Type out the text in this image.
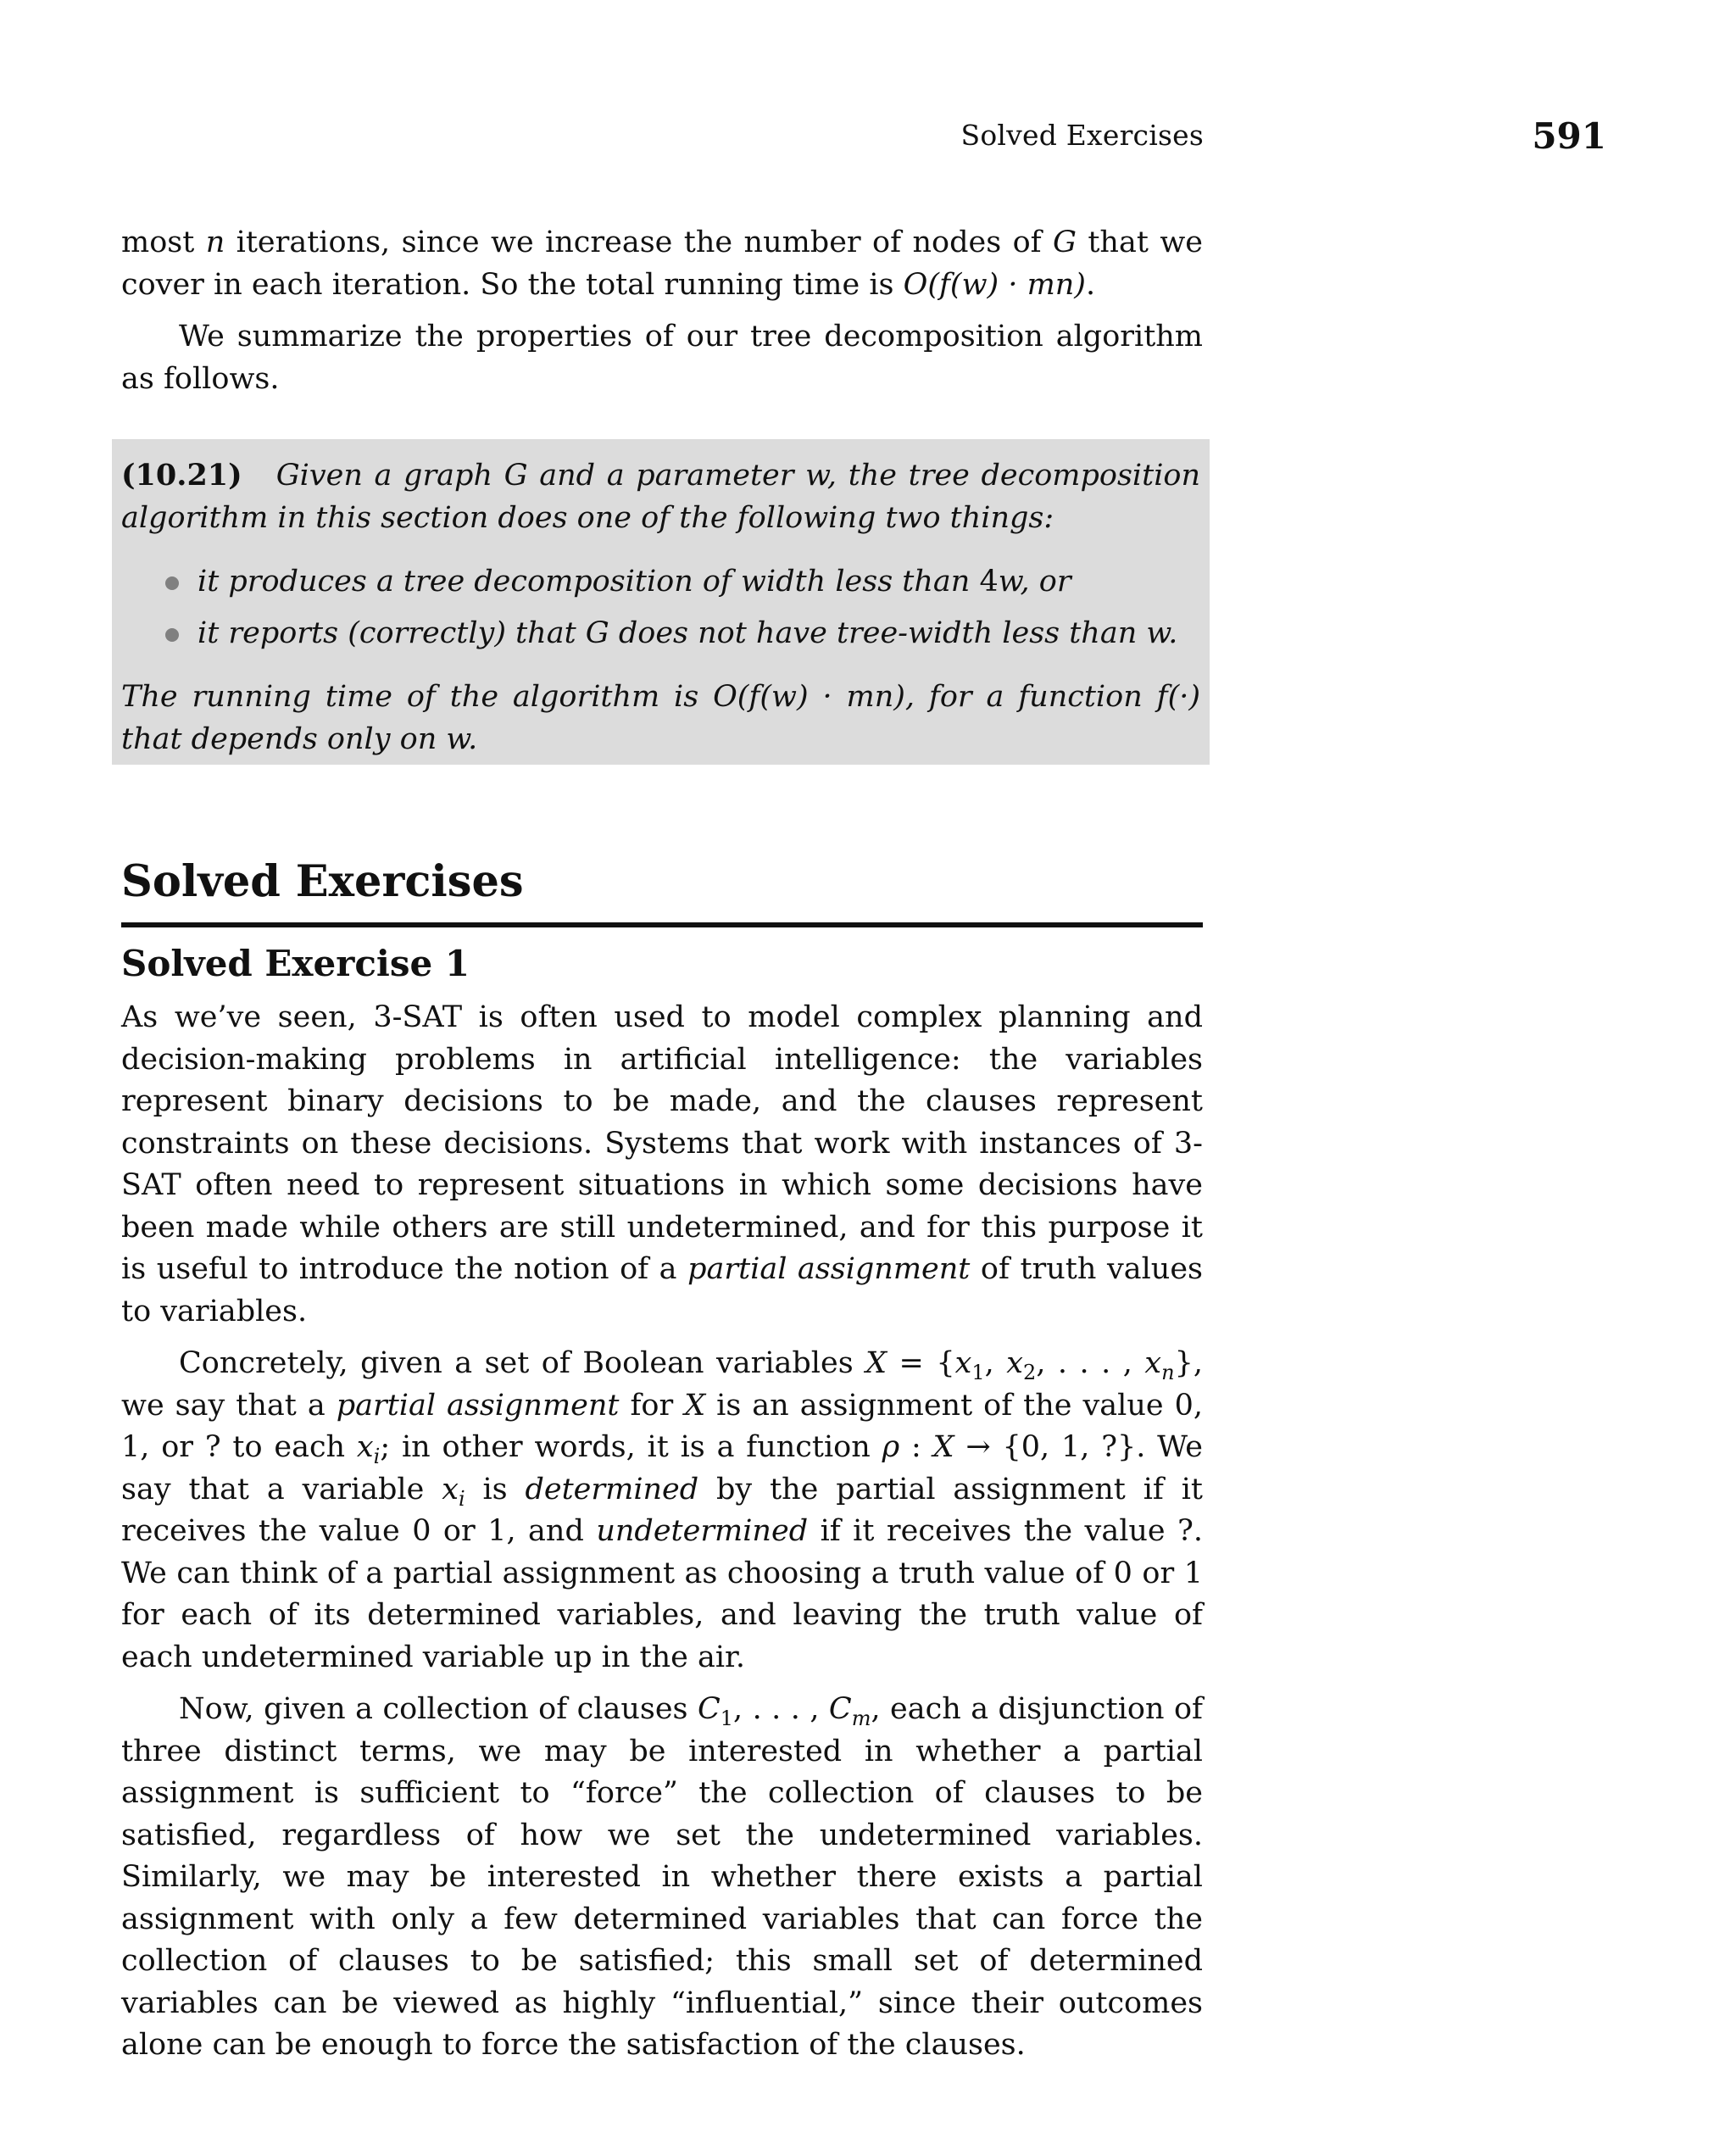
Solved Exercises	591

most n iterations, since we increase the number of nodes of G that we cover in each iteration. So the total running time is O(f(w) · mn).

We summarize the properties of our tree decomposition algorithm as follows.

(10.21) Given a graph G and a parameter w, the tree decomposition algorithm in this section does one of the following two things:

it produces a tree decomposition of width less than 4w, or
it reports (correctly) that G does not have tree-width less than w.

The running time of the algorithm is O(f(w) · mn), for a function f(·) that depends only on w.

Solved Exercises
Solved Exercise 1

As we’ve seen, 3-SAT is often used to model complex planning and decision-making problems in artificial intelligence: the variables represent binary decisions to be made, and the clauses represent constraints on these decisions. Systems that work with instances of 3-SAT often need to represent situations in which some decisions have been made while others are still undetermined, and for this purpose it is useful to introduce the notion of a partial assignment of truth values to variables.

Concretely, given a set of Boolean variables $X = \{x_1$, $x_2$, . . . , $x_n$}, we say that a partial assignment for X is an assignment of the value 0, 1, or ? to each $x_i$; in other words, it is a function ρ : X → {0, 1, ?}. We say that a variable $x_i$ is determined by the partial assignment if it receives the value 0 or 1, and undetermined if it receives the value ?. We can think of a partial assignment as choosing a truth value of 0 or 1 for each of its determined variables, and leaving the truth value of each undetermined variable up in the air.

Now, given a collection of clauses $C_1$, . . . , $C_m$, each a disjunction of three distinct terms, we may be interested in whether a partial assignment is sufficient to “force” the collection of clauses to be satisfied, regardless of how we set the undetermined variables. Similarly, we may be interested in whether there exists a partial assignment with only a few determined variables that can force the collection of clauses to be satisfied; this small set of determined variables can be viewed as highly “influential,” since their outcomes alone can be enough to force the satisfaction of the clauses.
